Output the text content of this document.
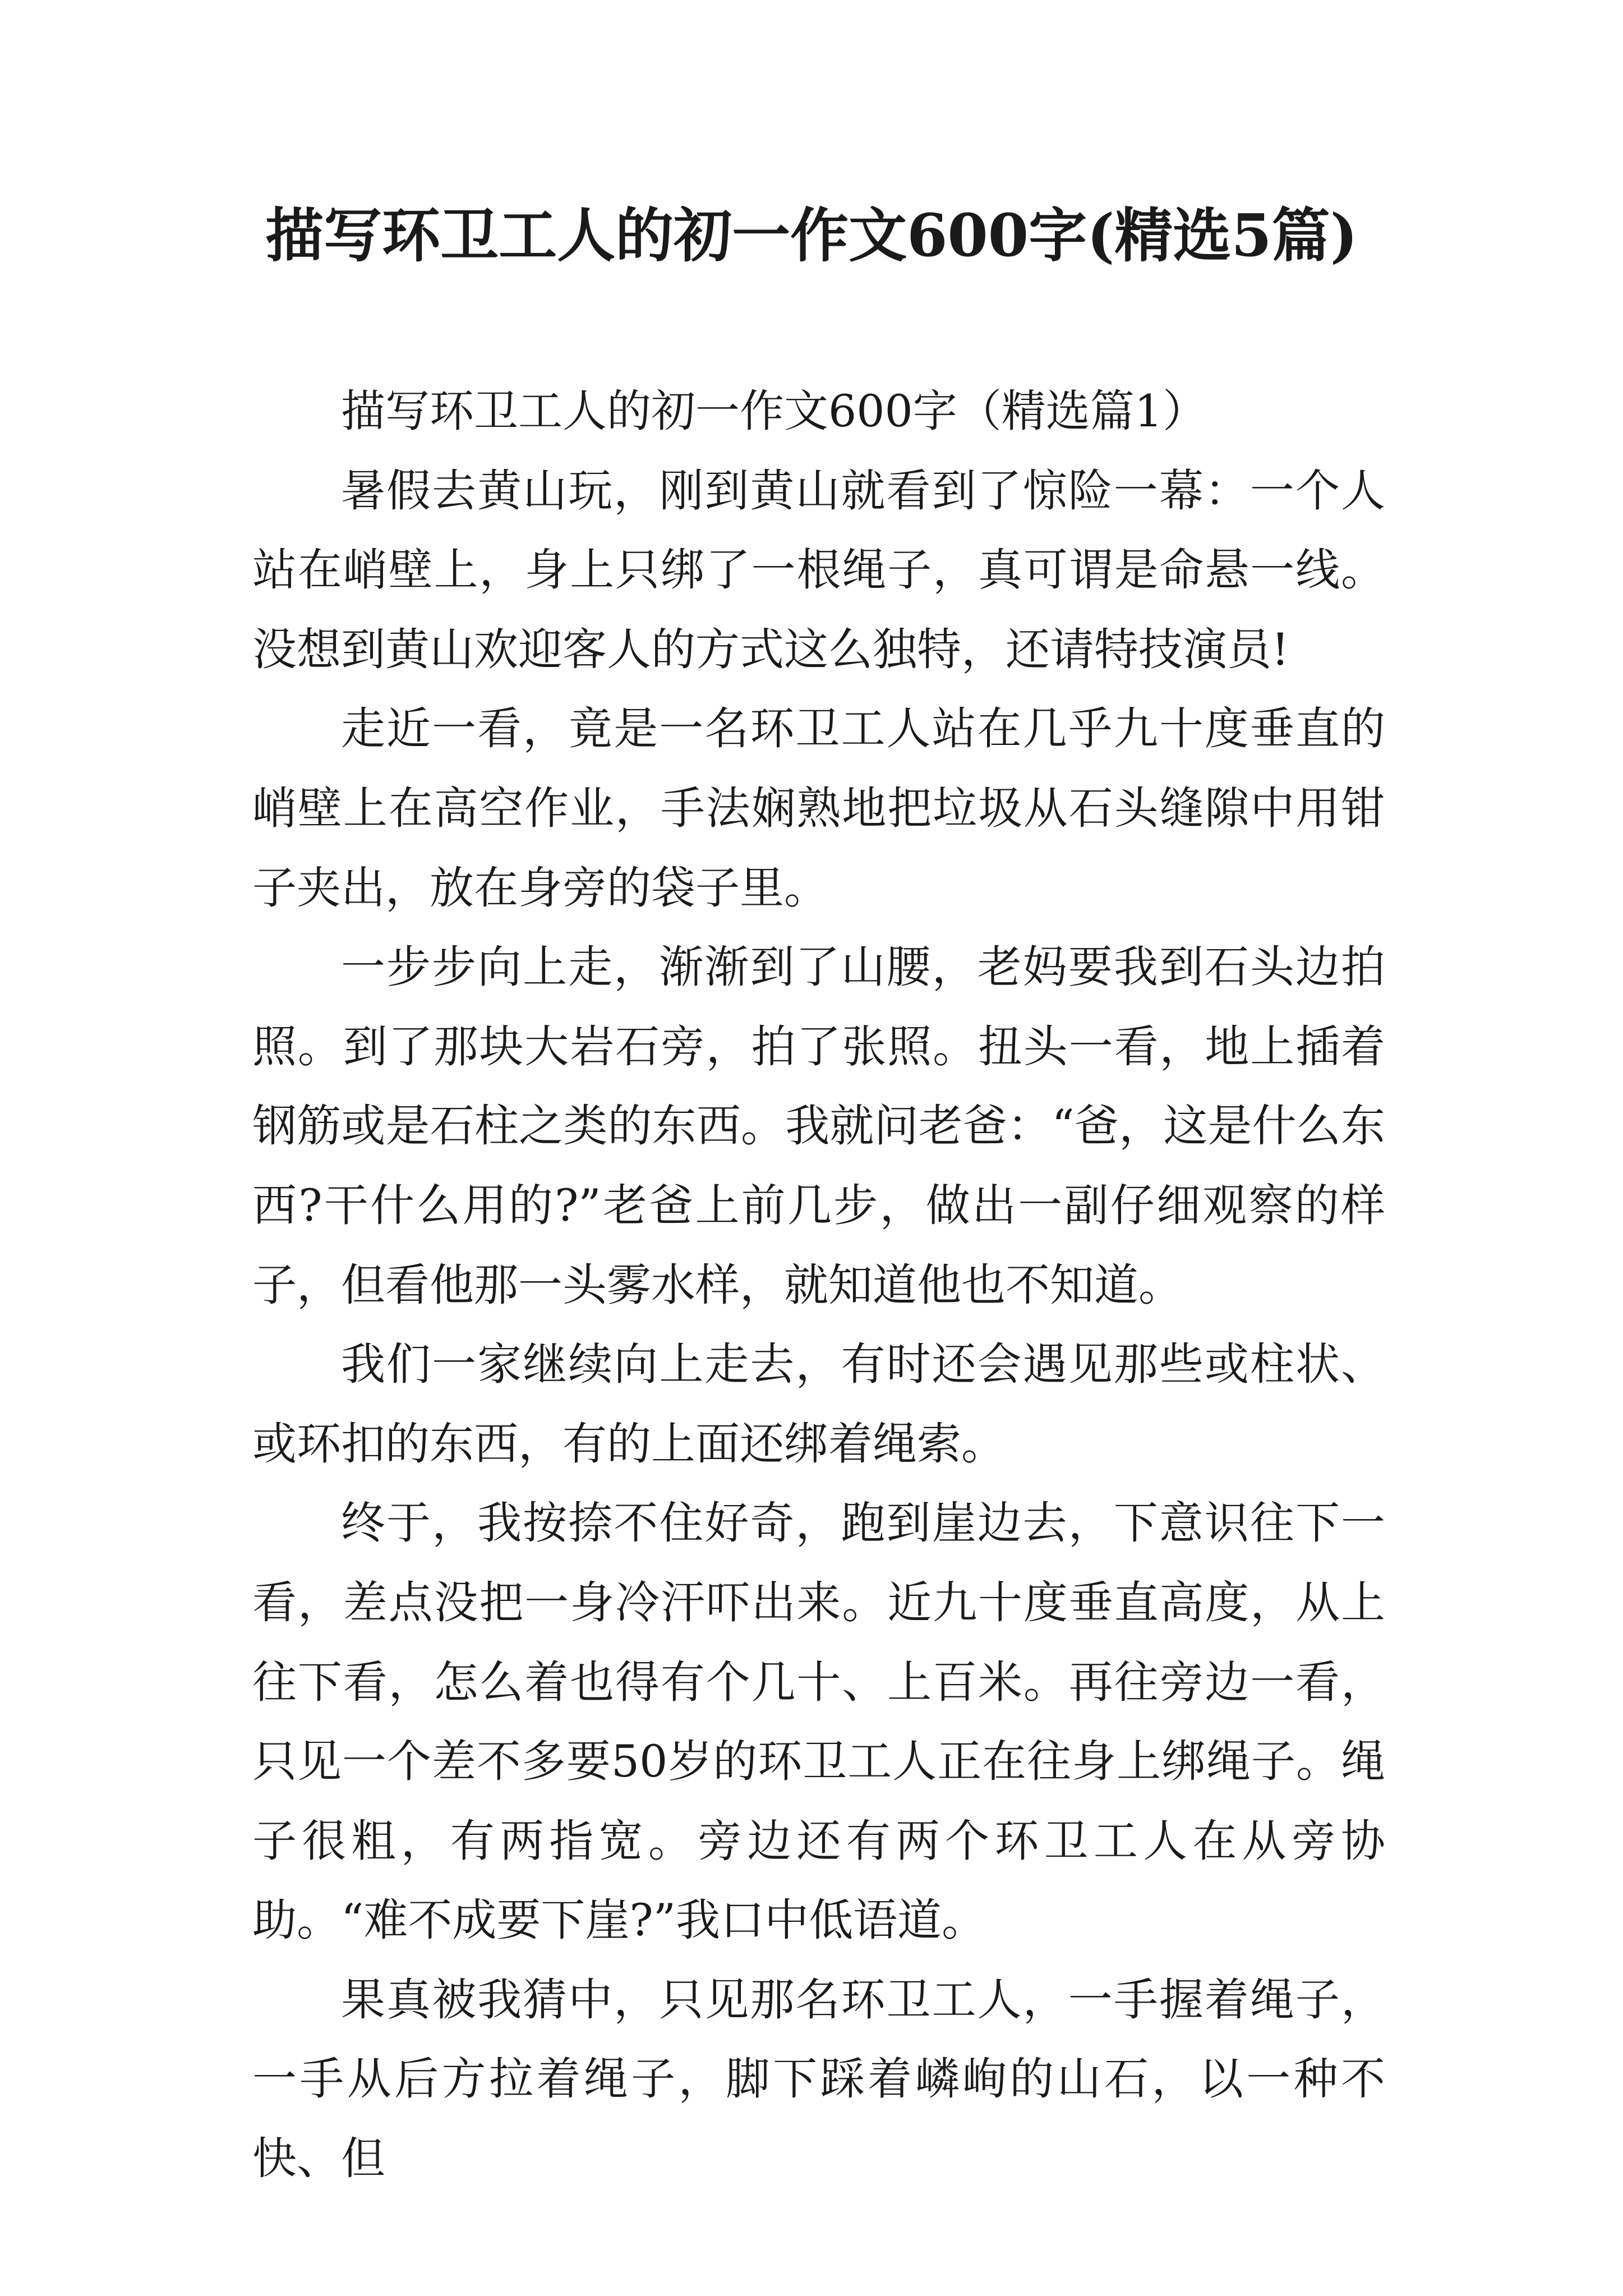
描写环卫工人的初一作文600字(精选5篇)

描写环卫工人的初一作文600字（精选篇1）

暑假去黄山玩，刚到黄山就看到了惊险一幕：一个人站在峭壁上，身上只绑了一根绳子，真可谓是命悬一线。没想到黄山欢迎客人的方式这么独特，还请特技演员!

走近一看，竟是一名环卫工人站在几乎九十度垂直的峭壁上在高空作业，手法娴熟地把垃圾从石头缝隙中用钳子夹出，放在身旁的袋子里。

一步步向上走，渐渐到了山腰，老妈要我到石头边拍照。到了那块大岩石旁，拍了张照。扭头一看，地上插着钢筋或是石柱之类的东西。我就问老爸：“爸，这是什么东西?干什么用的?”老爸上前几步，做出一副仔细观察的样子，但看他那一头雾水样，就知道他也不知道。

我们一家继续向上走去，有时还会遇见那些或柱状、或环扣的东西，有的上面还绑着绳索。

终于，我按捺不住好奇，跑到崖边去，下意识往下一看，差点没把一身冷汗吓出来。近九十度垂直高度，从上往下看，怎么着也得有个几十、上百米。再往旁边一看，只见一个差不多要50岁的环卫工人正在往身上绑绳子。绳子很粗，有两指宽。旁边还有两个环卫工人在从旁协助。“难不成要下崖?”我口中低语道。

果真被我猜中，只见那名环卫工人，一手握着绳子，一手从后方拉着绳子，脚下踩着嶙峋的山石，以一种不快、但
